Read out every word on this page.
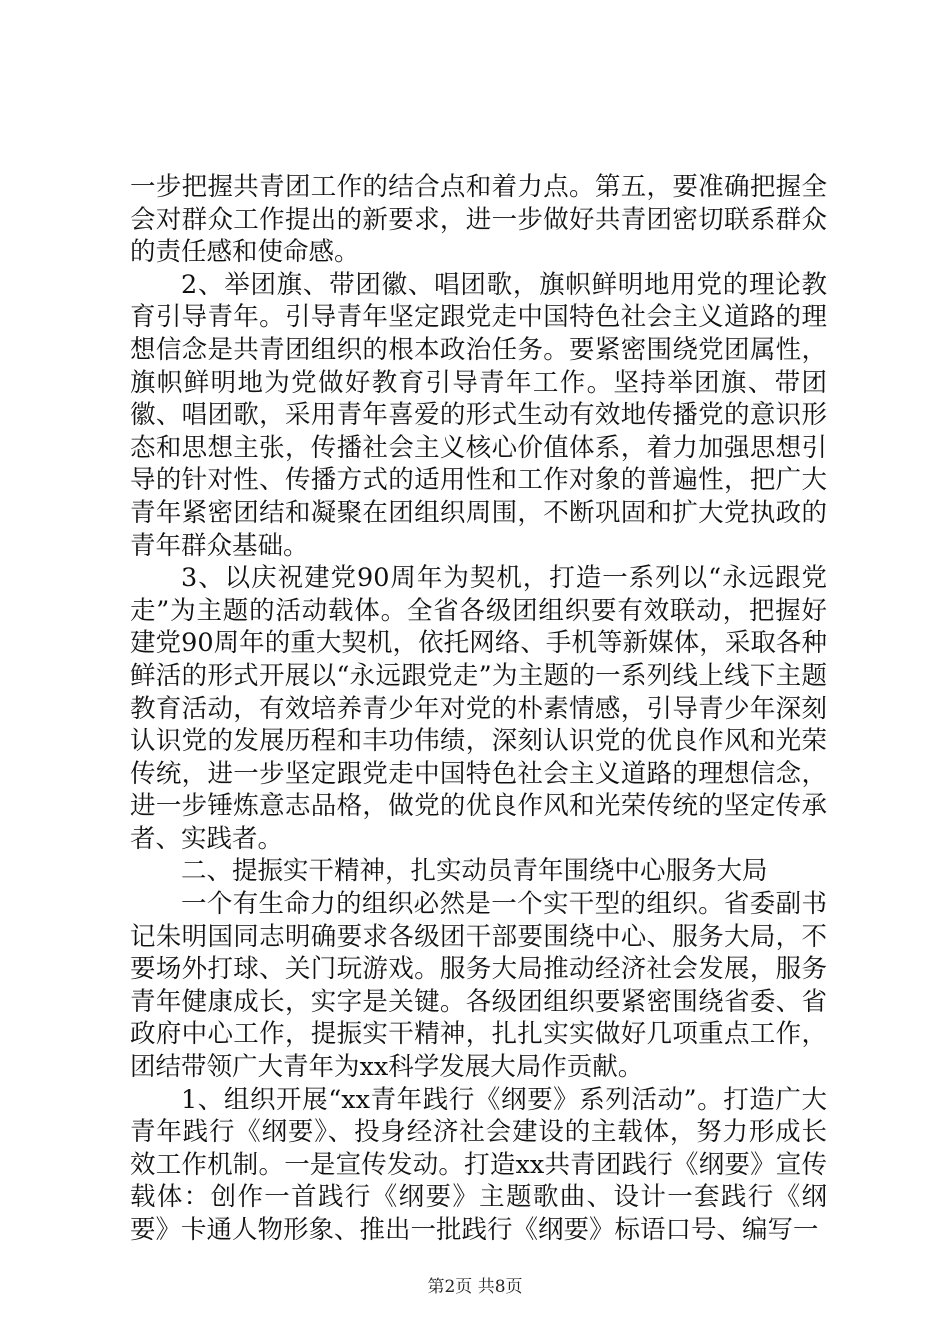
一步把握共青团工作的结合点和着力点。第五，要准确把握全会对群众工作提出的新要求，进一步做好共青团密切联系群众的责任感和使命感。

2、举团旗、带团徽、唱团歌，旗帜鲜明地用党的理论教育引导青年。引导青年坚定跟党走中国特色社会主义道路的理想信念是共青团组织的根本政治任务。要紧密围绕党团属性，旗帜鲜明地为党做好教育引导青年工作。坚持举团旗、带团徽、唱团歌，采用青年喜爱的形式生动有效地传播党的意识形态和思想主张，传播社会主义核心价值体系，着力加强思想引导的针对性、传播方式的适用性和工作对象的普遍性，把广大青年紧密团结和凝聚在团组织周围，不断巩固和扩大党执政的青年群众基础。

3、以庆祝建党90周年为契机，打造一系列以“永远跟党走”为主题的活动载体。全省各级团组织要有效联动，把握好建党90周年的重大契机，依托网络、手机等新媒体，采取各种鲜活的形式开展以“永远跟党走”为主题的一系列线上线下主题教育活动，有效培养青少年对党的朴素情感，引导青少年深刻认识党的发展历程和丰功伟绩，深刻认识党的优良作风和光荣传统，进一步坚定跟党走中国特色社会主义道路的理想信念，进一步锤炼意志品格，做党的优良作风和光荣传统的坚定传承者、实践者。

二、提振实干精神，扎实动员青年围绕中心服务大局

一个有生命力的组织必然是一个实干型的组织。省委副书记朱明国同志明确要求各级团干部要围绕中心、服务大局，不要场外打球、关门玩游戏。服务大局推动经济社会发展，服务青年健康成长，实字是关键。各级团组织要紧密围绕省委、省政府中心工作，提振实干精神，扎扎实实做好几项重点工作，团结带领广大青年为xx科学发展大局作贡献。

1、组织开展“xx青年践行《纲要》系列活动”。打造广大青年践行《纲要》、投身经济社会建设的主载体，努力形成长效工作机制。一是宣传发动。打造xx共青团践行《纲要》宣传载体：创作一首践行《纲要》主题歌曲、设计一套践行《纲要》卡通人物形象、推出一批践行《纲要》标语口号、编写一

第2页 共8页
